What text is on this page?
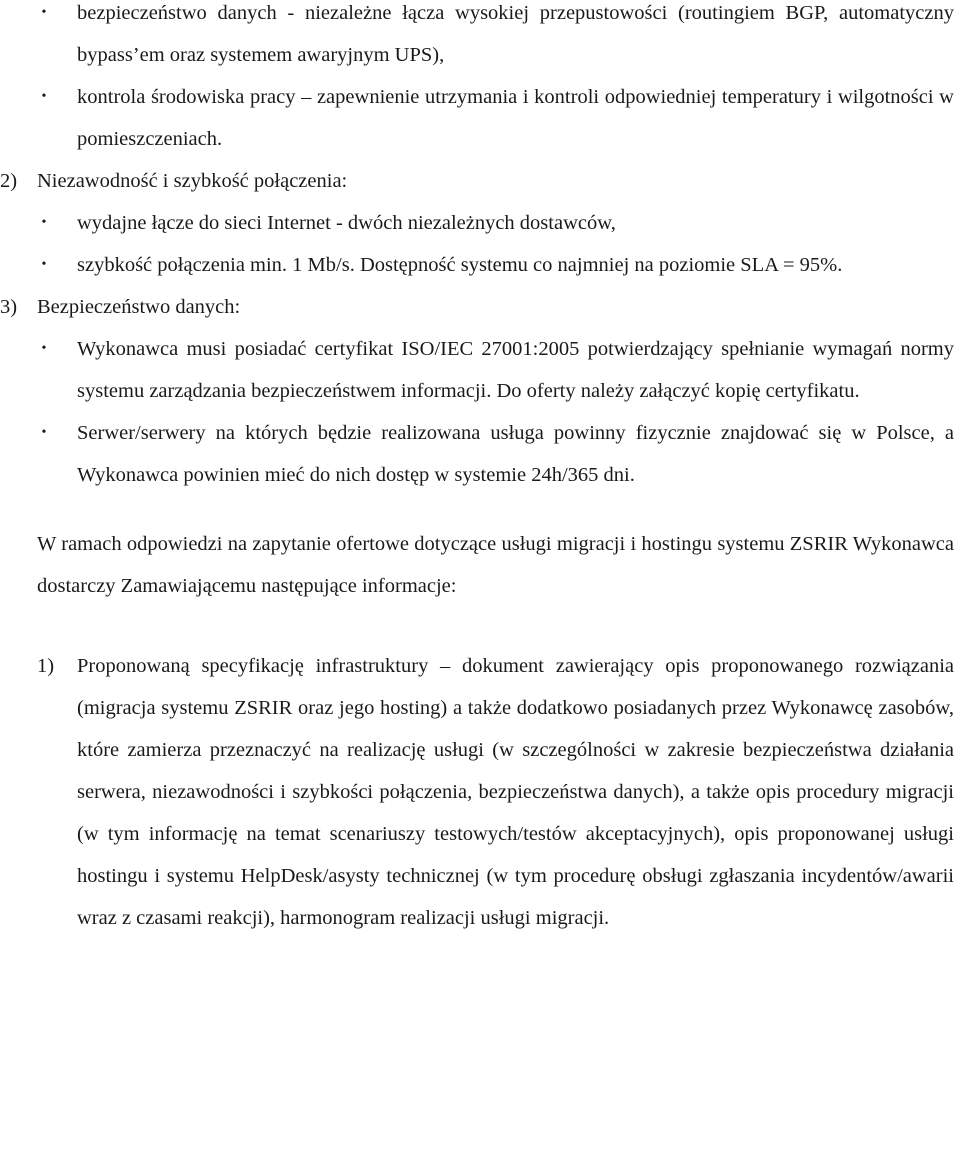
•	bezpieczeństwo danych - niezależne łącza wysokiej przepustowości (routingiem BGP, automatyczny bypass’em oraz systemem awaryjnym UPS),
•	kontrola środowiska pracy – zapewnienie utrzymania i kontroli odpowiedniej temperatury i wilgotności w pomieszczeniach.
2) Niezawodność i szybkość połączenia:
•	wydajne łącze do sieci Internet - dwóch niezależnych dostawców,
•	szybkość połączenia min. 1 Mb/s. Dostępność systemu co najmniej na poziomie SLA = 95%.
3) Bezpieczeństwo danych:
•	Wykonawca musi posiadać certyfikat ISO/IEC 27001:2005 potwierdzający spełnianie wymagań normy systemu zarządzania bezpieczeństwem informacji. Do oferty należy załączyć kopię certyfikatu.
•	Serwer/serwery na których będzie realizowana usługa powinny fizycznie znajdować się w Polsce, a Wykonawca powinien mieć do nich dostęp w systemie 24h/365 dni.
W ramach odpowiedzi na zapytanie ofertowe dotyczące usługi migracji i hostingu systemu ZSRIR Wykonawca dostarczy Zamawiającemu następujące informacje:
1) Proponowaną specyfikację infrastruktury – dokument zawierający opis proponowanego rozwiązania (migracja systemu ZSRIR oraz jego hosting) a także dodatkowo posiadanych przez Wykonawcę zasobów, które zamierza przeznaczyć na realizację usługi (w szczególności w zakresie bezpieczeństwa działania serwera, niezawodności i szybkości połączenia, bezpieczeństwa danych), a także opis procedury migracji (w tym informację na temat scenariuszy testowych/testów akceptacyjnych), opis proponowanej usługi hostingu i systemu HelpDesk/asysty technicznej (w tym procedurę obsługi zgłaszania incydentów/awarii wraz z czasami reakcji), harmonogram realizacji usługi migracji.
